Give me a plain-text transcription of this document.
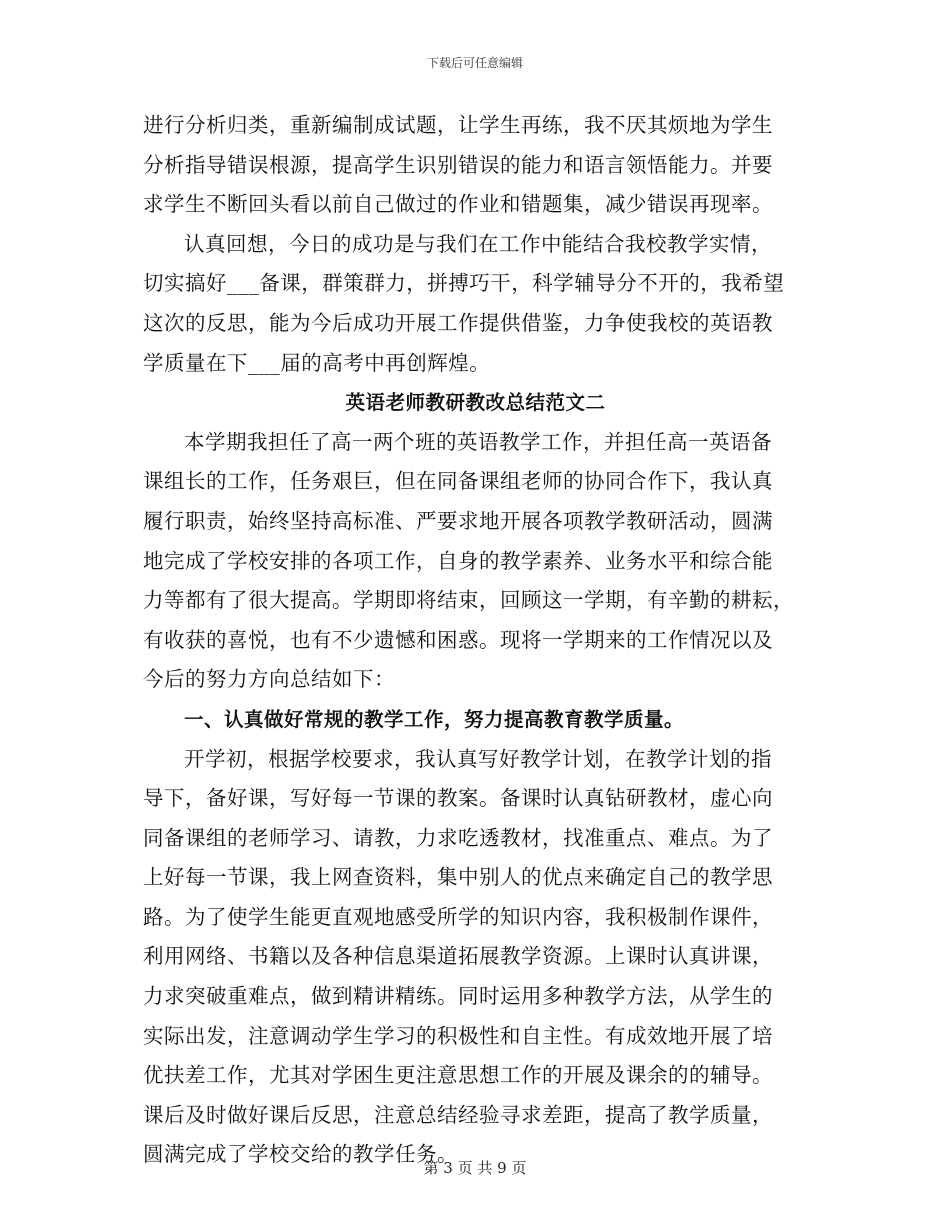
下载后可任意编辑
进行分析归类，重新编制成试题，让学生再练，我不厌其烦地为学生
分析指导错误根源，提高学生识别错误的能力和语言领悟能力。并要
求学生不断回头看以前自己做过的作业和错题集，减少错误再现率。
认真回想，今日的成功是与我们在工作中能结合我校教学实情，
切实搞好___备课，群策群力，拼搏巧干，科学辅导分不开的，我希望
这次的反思，能为今后成功开展工作提供借鉴，力争使我校的英语教
学质量在下___届的高考中再创辉煌。
英语老师教研教改总结范文二
本学期我担任了高一两个班的英语教学工作，并担任高一英语备
课组长的工作，任务艰巨，但在同备课组老师的协同合作下，我认真
履行职责，始终坚持高标准、严要求地开展各项教学教研活动，圆满
地完成了学校安排的各项工作，自身的教学素养、业务水平和综合能
力等都有了很大提高。学期即将结束，回顾这一学期，有辛勤的耕耘，
有收获的喜悦，也有不少遗憾和困惑。现将一学期来的工作情况以及
今后的努力方向总结如下：
一、认真做好常规的教学工作，努力提高教育教学质量。
开学初，根据学校要求，我认真写好教学计划，在教学计划的指
导下，备好课，写好每一节课的教案。备课时认真钻研教材，虚心向
同备课组的老师学习、请教，力求吃透教材，找准重点、难点。为了
上好每一节课，我上网查资料，集中别人的优点来确定自己的教学思
路。为了使学生能更直观地感受所学的知识内容，我积极制作课件，
利用网络、书籍以及各种信息渠道拓展教学资源。上课时认真讲课，
力求突破重难点，做到精讲精练。同时运用多种教学方法，从学生的
实际出发，注意调动学生学习的积极性和自主性。有成效地开展了培
优扶差工作，尤其对学困生更注意思想工作的开展及课余的的辅导。
课后及时做好课后反思，注意总结经验寻求差距，提高了教学质量，
圆满完成了学校交给的教学任务。
第 3 页 共 9 页
